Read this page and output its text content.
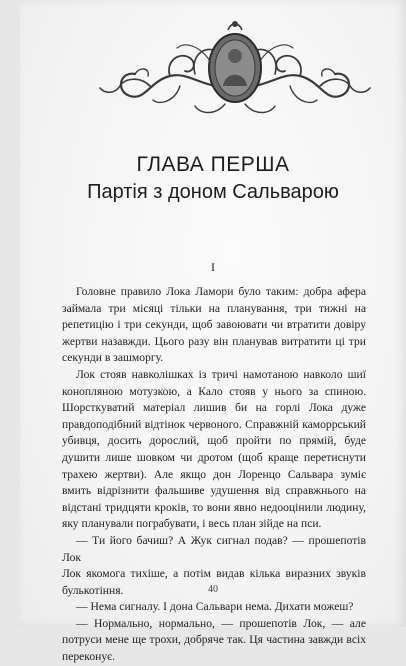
ГЛАВА ПЕРША
Партія з доном Сальварою
I

Головне правило Лока Ламори було таким: добра афера займала три місяці тільки на планування, три тижні на репетицію і три секунди, щоб завоювати чи втратити довіру жертви назавжди. Цього разу він планував витратити ці три секунди в зашморгу.

Лок стояв навколішках із тричі намотаною навколо шиї конопляною мотузкою, а Кало стояв у нього за спиною. Шорсткуватий матеріал лишив би на горлі Лока дуже правдоподібний відтінок червоного. Справжній каморрський убивця, досить дорослий, щоб пройти по прямій, буде душити лише шовком чи дротом (щоб краще перетиснути трахею жертви). Але якщо дон Лоренцо Сальвара зуміє вмить відрізнити фальшиве удушення від справжнього на відстані тридцяти кроків, то вони явно недооцінили людину, яку планували пограбувати, і весь план зійде на пси.

— Ти його бачиш? А Жук сигнал подав? — прошепотів Лок

Лок якомога тихіше, а потім видав кілька виразних звуків булькотіння.

— Нема сигналу. І дона Сальвари нема. Дихати можеш?

— Нормально, нормально, — прошепотів Лок, — але потруси мене ще трохи, добряче так. Ця частина завжди всіх переконує.

40
